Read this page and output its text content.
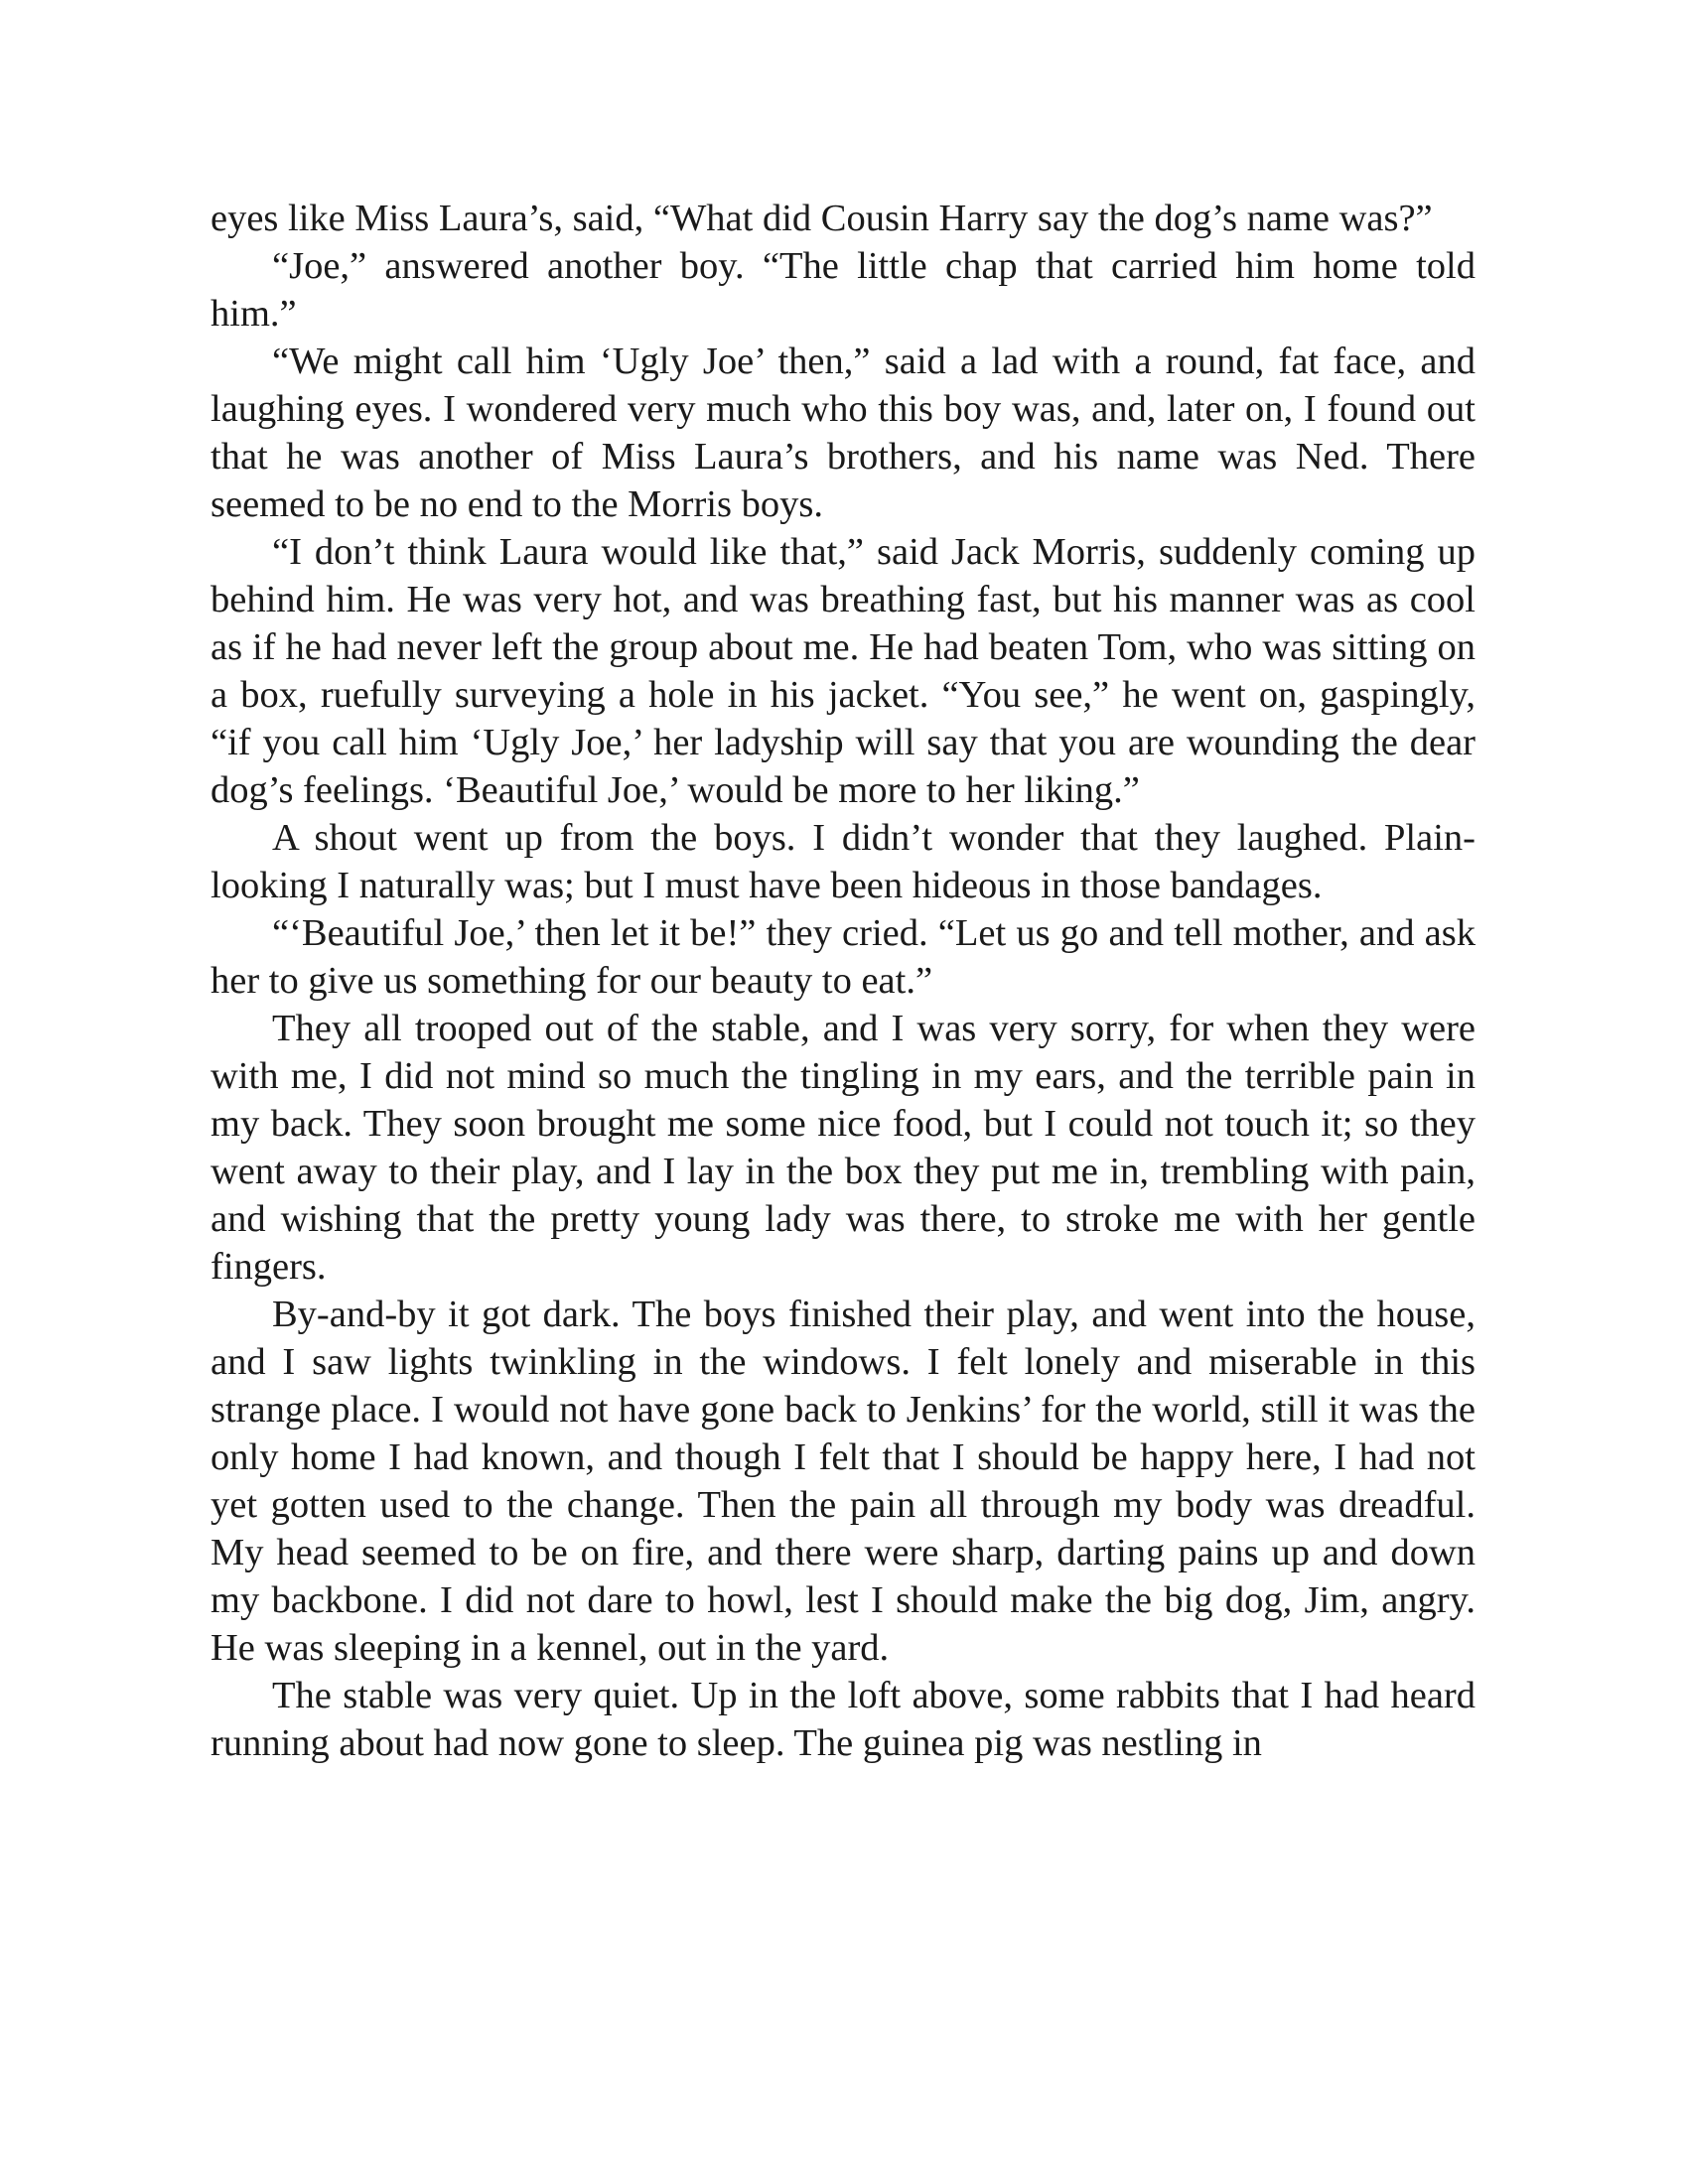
eyes like Miss Laura’s, said, “What did Cousin Harry say the dog’s name was?”

“Joe,” answered another boy. “The little chap that carried him home told him.”

“We might call him ‘Ugly Joe’ then,” said a lad with a round, fat face, and laughing eyes. I wondered very much who this boy was, and, later on, I found out that he was another of Miss Laura’s brothers, and his name was Ned. There seemed to be no end to the Morris boys.

“I don’t think Laura would like that,” said Jack Morris, suddenly coming up behind him. He was very hot, and was breathing fast, but his manner was as cool as if he had never left the group about me. He had beaten Tom, who was sitting on a box, ruefully surveying a hole in his jacket. “You see,” he went on, gaspingly, “if you call him ‘Ugly Joe,’ her ladyship will say that you are wounding the dear dog’s feelings. ‘Beautiful Joe,’ would be more to her liking.”

A shout went up from the boys. I didn’t wonder that they laughed. Plain-looking I naturally was; but I must have been hideous in those bandages.

“‘Beautiful Joe,’ then let it be!” they cried. “Let us go and tell mother, and ask her to give us something for our beauty to eat.”

They all trooped out of the stable, and I was very sorry, for when they were with me, I did not mind so much the tingling in my ears, and the terrible pain in my back. They soon brought me some nice food, but I could not touch it; so they went away to their play, and I lay in the box they put me in, trembling with pain, and wishing that the pretty young lady was there, to stroke me with her gentle fingers.

By-and-by it got dark. The boys finished their play, and went into the house, and I saw lights twinkling in the windows. I felt lonely and miserable in this strange place. I would not have gone back to Jenkins’ for the world, still it was the only home I had known, and though I felt that I should be happy here, I had not yet gotten used to the change. Then the pain all through my body was dreadful. My head seemed to be on fire, and there were sharp, darting pains up and down my backbone. I did not dare to howl, lest I should make the big dog, Jim, angry. He was sleeping in a kennel, out in the yard.

The stable was very quiet. Up in the loft above, some rabbits that I had heard running about had now gone to sleep. The guinea pig was nestling in
